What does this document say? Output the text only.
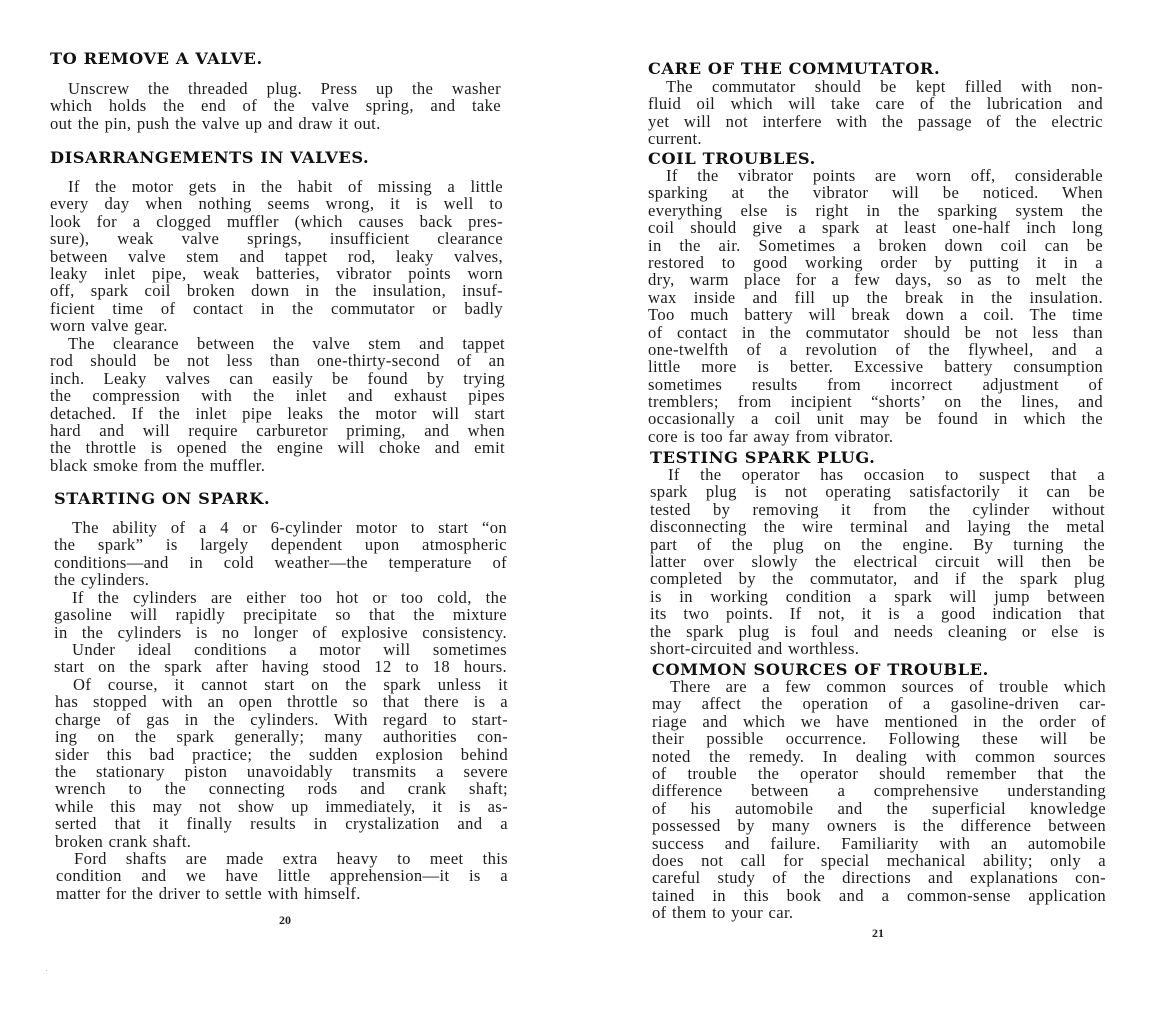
TO REMOVE A VALVE.
Unscrew the threaded plug. Press up the washer
which holds the end of the valve spring, and take
out the pin, push the valve up and draw it out.
DISARRANGEMENTS IN VALVES.
If the motor gets in the habit of missing a little
every day when nothing seems wrong, it is well to
look for a clogged muffler (which causes back pres-
sure), weak valve springs, insufficient clearance
between valve stem and tappet rod, leaky valves,
leaky inlet pipe, weak batteries, vibrator points worn
off, spark coil broken down in the insulation, insuf-
ficient time of contact in the commutator or badly
worn valve gear.
The clearance between the valve stem and tappet
rod should be not less than one-thirty-second of an
inch. Leaky valves can easily be found by trying
the compression with the inlet and exhaust pipes
detached. If the inlet pipe leaks the motor will start
hard and will require carburetor priming, and when
the throttle is opened the engine will choke and emit
black smoke from the muffler.
STARTING ON SPARK.
The ability of a 4 or 6-cylinder motor to start “on
the spark” is largely dependent upon atmospheric
conditions—and in cold weather—the temperature of
the cylinders.
If the cylinders are either too hot or too cold, the
gasoline will rapidly precipitate so that the mixture
in the cylinders is no longer of explosive consistency.
Under ideal conditions a motor will sometimes
start on the spark after having stood 12 to 18 hours.
Of course, it cannot start on the spark unless it
has stopped with an open throttle so that there is a
charge of gas in the cylinders. With regard to start-
ing on the spark generally; many authorities con-
sider this bad practice; the sudden explosion behind
the stationary piston unavoidably transmits a severe
wrench to the connecting rods and crank shaft;
while this may not show up immediately, it is as-
serted that it finally results in crystalization and a
broken crank shaft.
Ford shafts are made extra heavy to meet this
condition and we have little apprehension—it is a
matter for the driver to settle with himself.
20
CARE OF THE COMMUTATOR.
The commutator should be kept filled with non-
fluid oil which will take care of the lubrication and
yet will not interfere with the passage of the electric
current.
COIL TROUBLES.
If the vibrator points are worn off, considerable
sparking at the vibrator will be noticed. When
everything else is right in the sparking system the
coil should give a spark at least one-half inch long
in the air. Sometimes a broken down coil can be
restored to good working order by putting it in a
dry, warm place for a few days, so as to melt the
wax inside and fill up the break in the insulation.
Too much battery will break down a coil. The time
of contact in the commutator should be not less than
one-twelfth of a revolution of the flywheel, and a
little more is better. Excessive battery consumption
sometimes results from incorrect adjustment of
tremblers; from incipient “shorts’ on the lines, and
occasionally a coil unit may be found in which the
core is too far away from vibrator.
TESTING SPARK PLUG.
If the operator has occasion to suspect that a
spark plug is not operating satisfactorily it can be
tested by removing it from the cylinder without
disconnecting the wire terminal and laying the metal
part of the plug on the engine. By turning the
latter over slowly the electrical circuit will then be
completed by the commutator, and if the spark plug
is in working condition a spark will jump between
its two points. If not, it is a good indication that
the spark plug is foul and needs cleaning or else is
short-circuited and worthless.
COMMON SOURCES OF TROUBLE.
There are a few common sources of trouble which
may affect the operation of a gasoline-driven car-
riage and which we have mentioned in the order of
their possible occurrence. Following these will be
noted the remedy. In dealing with common sources
of trouble the operator should remember that the
difference between a comprehensive understanding
of his automobile and the superficial knowledge
possessed by many owners is the difference between
success and failure. Familiarity with an automobile
does not call for special mechanical ability; only a
careful study of the directions and explanations con-
tained in this book and a common-sense application
of them to your car.
21
